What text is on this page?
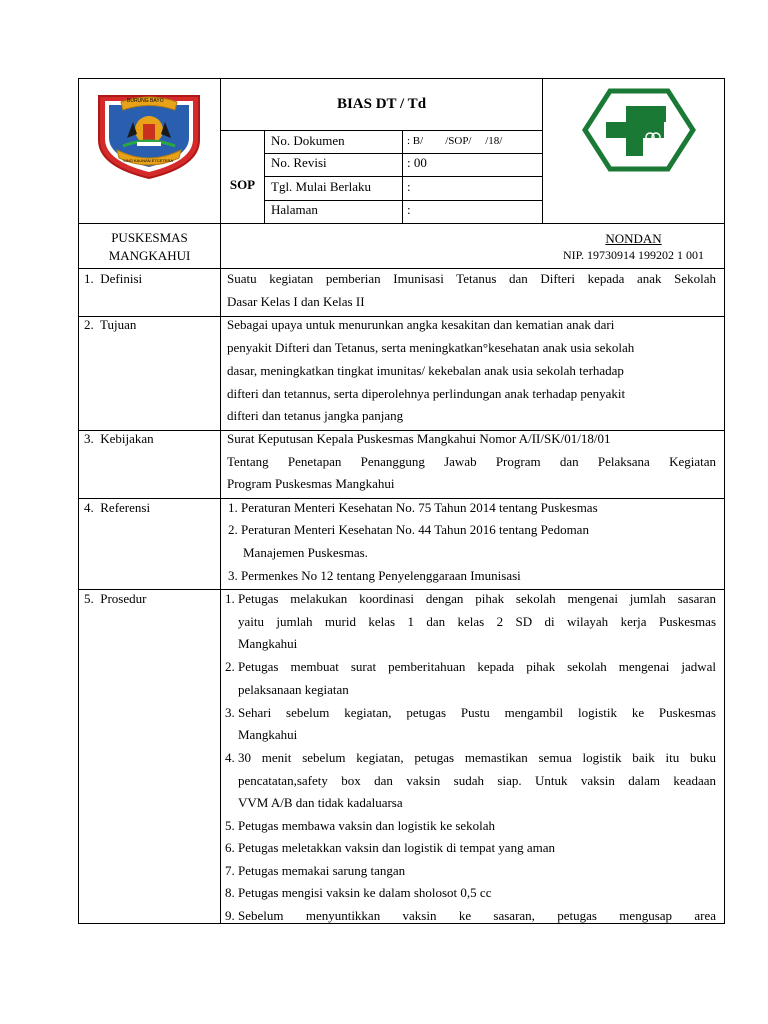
BURUNG BAYO
SINO KAUNAN ETCETERA
BIAS DT / Td
SOP
No. Dokumen	: B/        /SOP/     /18/
No. Revisi	: 00
Tgl. Mulai Berlaku	:
Halaman	:
PUSKESMAS
MANGKAHUI
NONDAN
NIP. 19730914 199202 1 001
1.  Definisi	Suatu kegiatan pemberian Imunisasi Tetanus dan Difteri kepada anak Sekolah
Dasar Kelas I dan Kelas II
2.  Tujuan	Sebagai upaya untuk menurunkan angka kesakitan dan kematian anak dari
penyakit Difteri dan Tetanus, serta meningkatkan°kesehatan anak usia sekolah
dasar, meningkatkan tingkat imunitas/ kekebalan anak usia sekolah terhadap
difteri dan tetannus, serta diperolehnya perlindungan anak terhadap penyakit
difteri dan tetanus jangka panjang
3.  Kebijakan	Surat Keputusan Kepala Puskesmas Mangkahui Nomor A/II/SK/01/18/01
Tentang Penetapan Penanggung Jawab Program dan Pelaksana Kegiatan
Program Puskesmas Mangkahui
4.  Referensi	1. Peraturan Menteri Kesehatan No. 75 Tahun 2014 tentang Puskesmas
2. Peraturan Menteri Kesehatan No. 44 Tahun 2016 tentang Pedoman
Manajemen Puskesmas.
3. Permenkes No 12 tentang Penyelenggaraan Imunisasi
5.  Prosedur	1. Petugas melakukan koordinasi dengan pihak sekolah mengenai jumlah sasaran
yaitu jumlah murid kelas 1 dan kelas 2 SD di wilayah kerja Puskesmas
Mangkahui
2. Petugas membuat surat pemberitahuan kepada pihak sekolah mengenai jadwal
pelaksanaan kegiatan
3. Sehari sebelum kegiatan, petugas Pustu mengambil logistik ke Puskesmas
Mangkahui
4. 30 menit sebelum kegiatan, petugas memastikan semua logistik baik itu buku
pencatatan,safety box dan vaksin sudah siap. Untuk vaksin dalam keadaan
VVM A/B dan tidak kadaluarsa
5. Petugas membawa vaksin dan logistik ke sekolah
6. Petugas meletakkan vaksin dan logistik di tempat yang aman
7. Petugas memakai sarung tangan
8. Petugas mengisi vaksin ke dalam sholosot 0,5 cc
9. Sebelum menyuntikkan vaksin ke sasaran, petugas mengusap area
